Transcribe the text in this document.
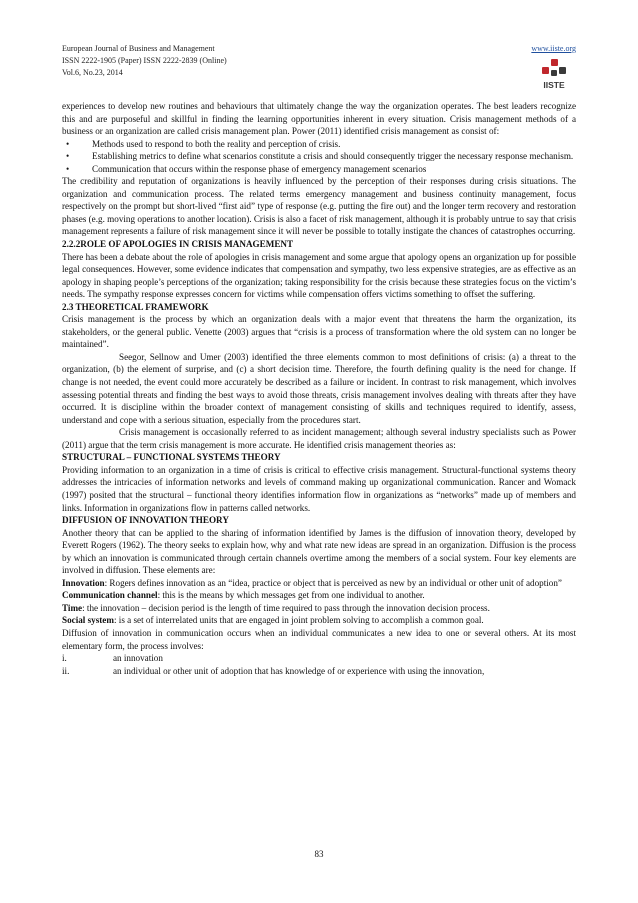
European Journal of Business and Management
ISSN 2222-1905 (Paper) ISSN 2222-2839 (Online)
Vol.6, No.23, 2014
www.iiste.org
IISTE

experiences to develop new routines and behaviours that ultimately change the way the organization operates. The best leaders recognize this and are purposeful and skillful in finding the learning opportunities inherent in every situation. Crisis management methods of a business or an organization are called crisis management plan. Power (2011) identified crisis management as consist of:

• Methods used to respond to both the reality and perception of crisis.
• Establishing metrics to define what scenarios constitute a crisis and should consequently trigger the necessary response mechanism.
• Communication that occurs within the response phase of emergency management scenarios

The credibility and reputation of organizations is heavily influenced by the perception of their responses during crisis situations. The organization and communication process. The related terms emergency management and business continuity management, focus respectively on the prompt but short-lived “first aid” type of response (e.g. putting the fire out) and the longer term recovery and restoration phases (e.g. moving operations to another location). Crisis is also a facet of risk management, although it is probably untrue to say that crisis management represents a failure of risk management since it will never be possible to totally instigate the chances of catastrophes occurring.

2.2.2ROLE OF APOLOGIES IN CRISIS MANAGEMENT

There has been a debate about the role of apologies in crisis management and some argue that apology opens an organization up for possible legal consequences. However, some evidence indicates that compensation and sympathy, two less expensive strategies, are as effective as an apology in shaping people’s perceptions of the organization; taking responsibility for the crisis because these strategies focus on the victim’s needs. The sympathy response expresses concern for victims while compensation offers victims something to offset the suffering.

2.3 THEORETICAL FRAMEWORK

Crisis management is the process by which an organization deals with a major event that threatens the harm the organization, its stakeholders, or the general public. Venette (2003) argues that “crisis is a process of transformation where the old system can no longer be maintained”.

Seegor, Sellnow and Umer (2003) identified the three elements common to most definitions of crisis: (a) a threat to the organization, (b) the element of surprise, and (c) a short decision time. Therefore, the fourth defining quality is the need for change. If change is not needed, the event could more accurately be described as a failure or incident. In contrast to risk management, which involves assessing potential threats and finding the best ways to avoid those threats, crisis management involves dealing with threats after they have occurred. It is discipline within the broader context of management consisting of skills and techniques required to identify, assess, understand and cope with a serious situation, especially from the procedures start.

Crisis management is occasionally referred to as incident management; although several industry specialists such as Power (2011) argue that the term crisis management is more accurate. He identified crisis management theories as:

STRUCTURAL – FUNCTIONAL SYSTEMS THEORY

Providing information to an organization in a time of crisis is critical to effective crisis management. Structural-functional systems theory addresses the intricacies of information networks and levels of command making up organizational communication. Rancer and Womack (1997) posited that the structural – functional theory identifies information flow in organizations as “networks” made up of members and links. Information in organizations flow in patterns called networks.

DIFFUSION OF INNOVATION THEORY

Another theory that can be applied to the sharing of information identified by James is the diffusion of innovation theory, developed by Everett Rogers (1962). The theory seeks to explain how, why and what rate new ideas are spread in an organization. Diffusion is the process by which an innovation is communicated through certain channels overtime among the members of a social system. Four key elements are involved in diffusion. These elements are:

Innovation: Rogers defines innovation as an “idea, practice or object that is perceived as new by an individual or other unit of adoption”

Communication channel: this is the means by which messages get from one individual to another.

Time: the innovation – decision period is the length of time required to pass through the innovation decision process.

Social system: is a set of interrelated units that are engaged in joint problem solving to accomplish a common goal.

Diffusion of innovation in communication occurs when an individual communicates a new idea to one or several others. At its most elementary form, the process involves:

i.	an innovation
ii.	an individual or other unit of adoption that has knowledge of or experience with using the innovation,
83
